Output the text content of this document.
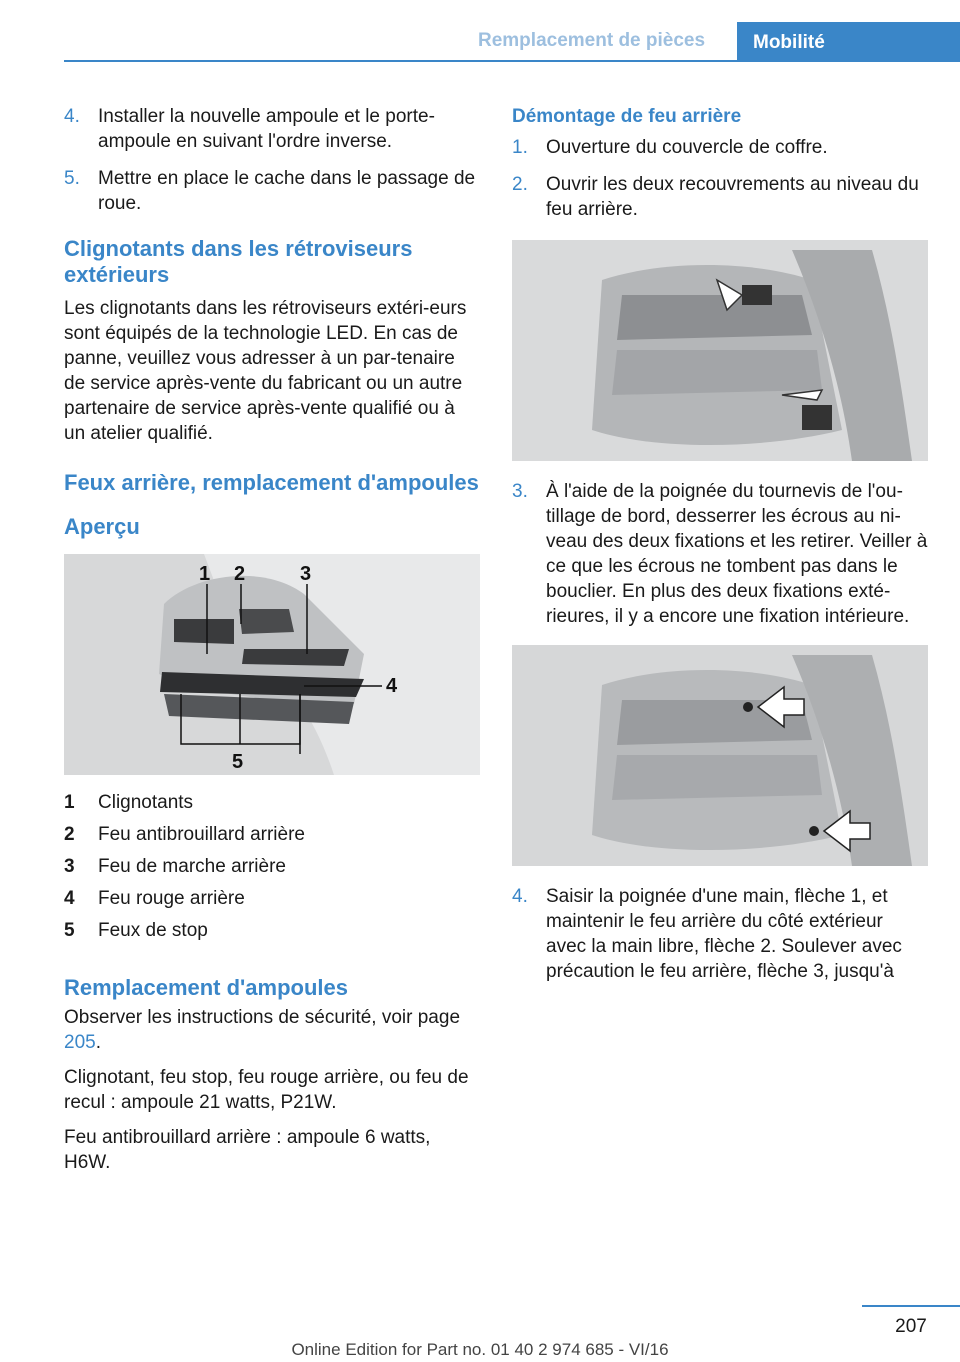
Remplacement de pièces	Mobilité
4. Installer la nouvelle ampoule et le porte-ampoule en suivant l'ordre inverse.
5. Mettre en place le cache dans le passage de roue.
Clignotants dans les rétroviseurs extérieurs

Les clignotants dans les rétroviseurs extéri-eurs sont équipés de la technologie LED. En cas de panne, veuillez vous adresser à un par-tenaire de service après-vente du fabricant ou un autre partenaire de service après-vente qualifié ou à un atelier qualifié.

Feux arrière, remplacement d'ampoules
Aperçu
1 2	3
4
5
1	Clignotants
2	Feu antibrouillard arrière
3	Feu de marche arrière
4	Feu rouge arrière
5	Feux de stop
Remplacement d'ampoules

Observer les instructions de sécurité, voir page 205.

Clignotant, feu stop, feu rouge arrière, ou feu de recul : ampoule 21 watts, P21W.

Feu antibrouillard arrière : ampoule 6 watts, H6W.

Démontage de feu arrière
1. Ouverture du couvercle de coffre.
2. Ouvrir les deux recouvrements au niveau du feu arrière.
3. À l'aide de la poignée du tournevis de l'ou-tillage de bord, desserrer les écrous au ni-veau des deux fixations et les retirer. Veiller à ce que les écrous ne tombent pas dans le bouclier. En plus des deux fixations exté-rieures, il y a encore une fixation intérieure.
4. Saisir la poignée d'une main, flèche 1, et maintenir le feu arrière du côté extérieur avec la main libre, flèche 2. Soulever avec précaution le feu arrière, flèche 3, jusqu'à
207
Online Edition for Part no. 01 40 2 974 685 - VI/16
